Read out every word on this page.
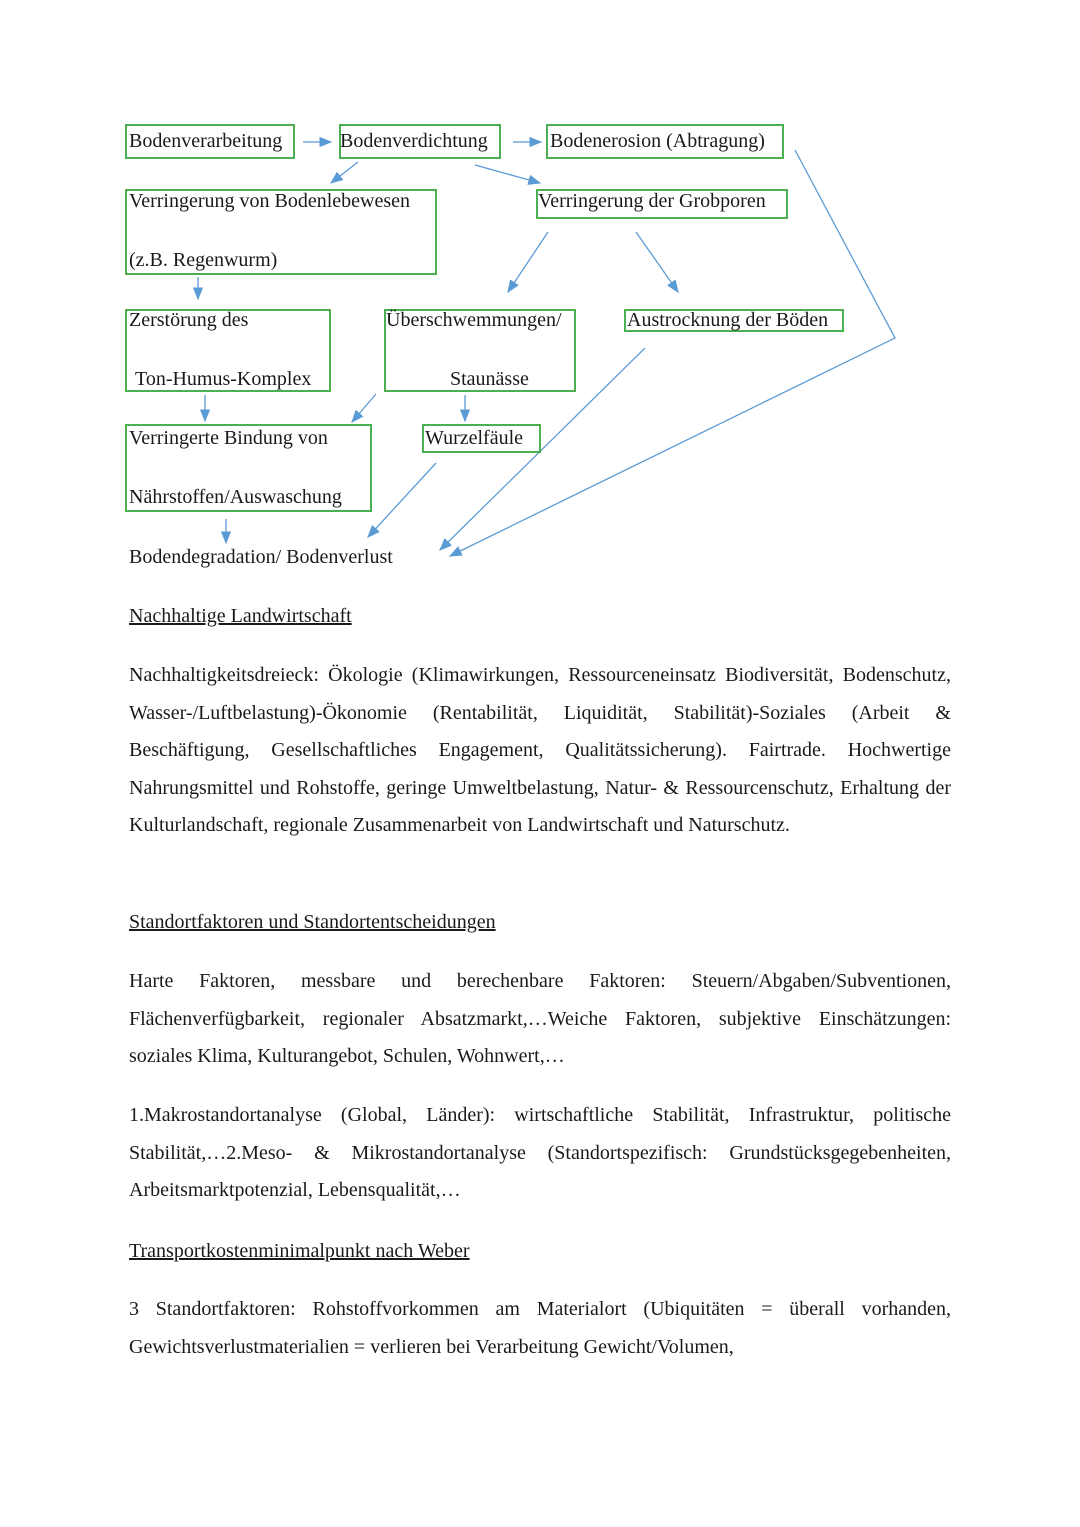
Bodenverarbeitung	Bodenverdichtung	Bodenerosion (Abtragung)
Verringerung von Bodenlebewesen
(z.B. Regenwurm)
Verringerung der Grobporen
Zerstörung des
Ton-Humus-Komplex
Überschwemmungen/
Staunässe
Austrocknung der Böden
Verringerte Bindung von
Nährstoffen/Auswaschung
Wurzelfäule
Bodendegradation/ Bodenverlust
Nachhaltige Landwirtschaft

Nachhaltigkeitsdreieck: Ökologie (Klimawirkungen, Ressourceneinsatz Biodiversität, Bodenschutz, Wasser-/Luftbelastung)-Ökonomie (Rentabilität, Liquidität, Stabilität)-Soziales (Arbeit & Beschäftigung, Gesellschaftliches Engagement, Qualitätssicherung). Fairtrade. Hochwertige Nahrungsmittel und Rohstoffe, geringe Umweltbelastung, Natur- & Ressourcenschutz, Erhaltung der Kulturlandschaft, regionale Zusammenarbeit von Landwirtschaft und Naturschutz.

Standortfaktoren und Standortentscheidungen

Harte Faktoren, messbare und berechenbare Faktoren: Steuern/Abgaben/Subventionen, Flächenverfügbarkeit, regionaler Absatzmarkt,…Weiche Faktoren, subjektive Einschätzungen: soziales Klima, Kulturangebot, Schulen, Wohnwert,…

1.Makrostandortanalyse (Global, Länder): wirtschaftliche Stabilität, Infrastruktur, politische Stabilität,…2.Meso- & Mikrostandortanalyse (Standortspezifisch: Grundstücksgegebenheiten, Arbeitsmarktpotenzial, Lebensqualität,…

Transportkostenminimalpunkt nach Weber

3 Standortfaktoren: Rohstoffvorkommen am Materialort (Ubiquitäten = überall vorhanden, Gewichtsverlustmaterialien = verlieren bei Verarbeitung Gewicht/Volumen,
